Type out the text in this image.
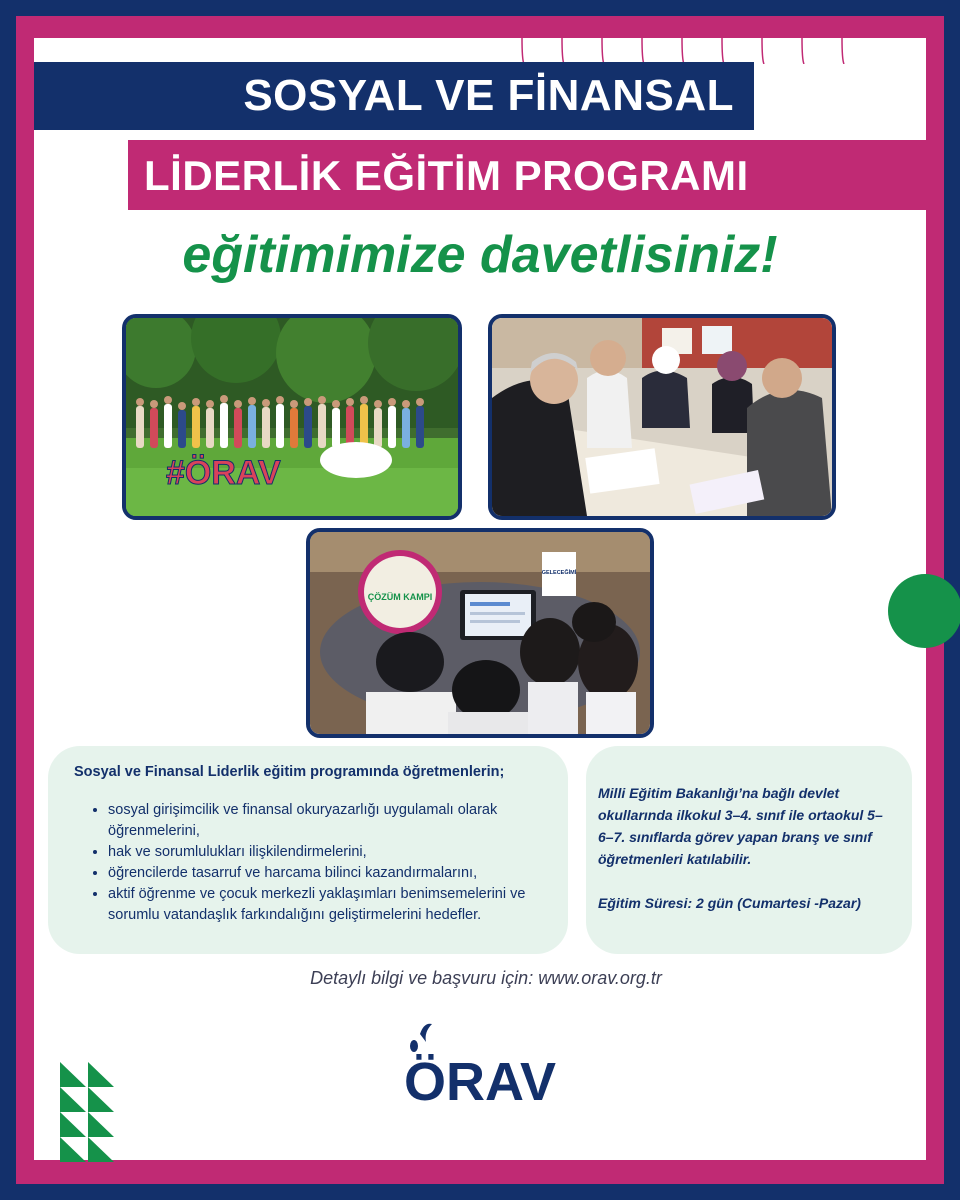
SOSYAL VE FİNANSAL
LİDERLİK EĞİTİM PROGRAMI
eğitimimize davetlisiniz!
#ÖRAV
ÇÖZÜM KAMPI
GELECEĞİMİ

Sosyal ve Finansal Liderlik eğitim programında öğretmenlerin;

• sosyal girişimcilik ve finansal okuryazarlığı uygulamalı olarak öğrenmelerini,
• hak ve sorumlulukları ilişkilendirmelerini,
• öğrencilerde tasarruf ve harcama bilinci kazandırmalarını,
• aktif öğrenme ve çocuk merkezli yaklaşımları benimsemelerini ve sorumlu vatandaşlık farkındalığını geliştirmelerini hedefler.

Milli Eğitim Bakanlığı’na bağlı devlet okullarında ilkokul 3–4. sınıf ile ortaokul 5–6–7. sınıflarda görev yapan branş ve sınıf öğretmenleri katılabilir.

Eğitim Süresi: 2 gün (Cumartesi -Pazar)

Detaylı bilgi ve başvuru için: www.orav.org.tr
ÖRAV
